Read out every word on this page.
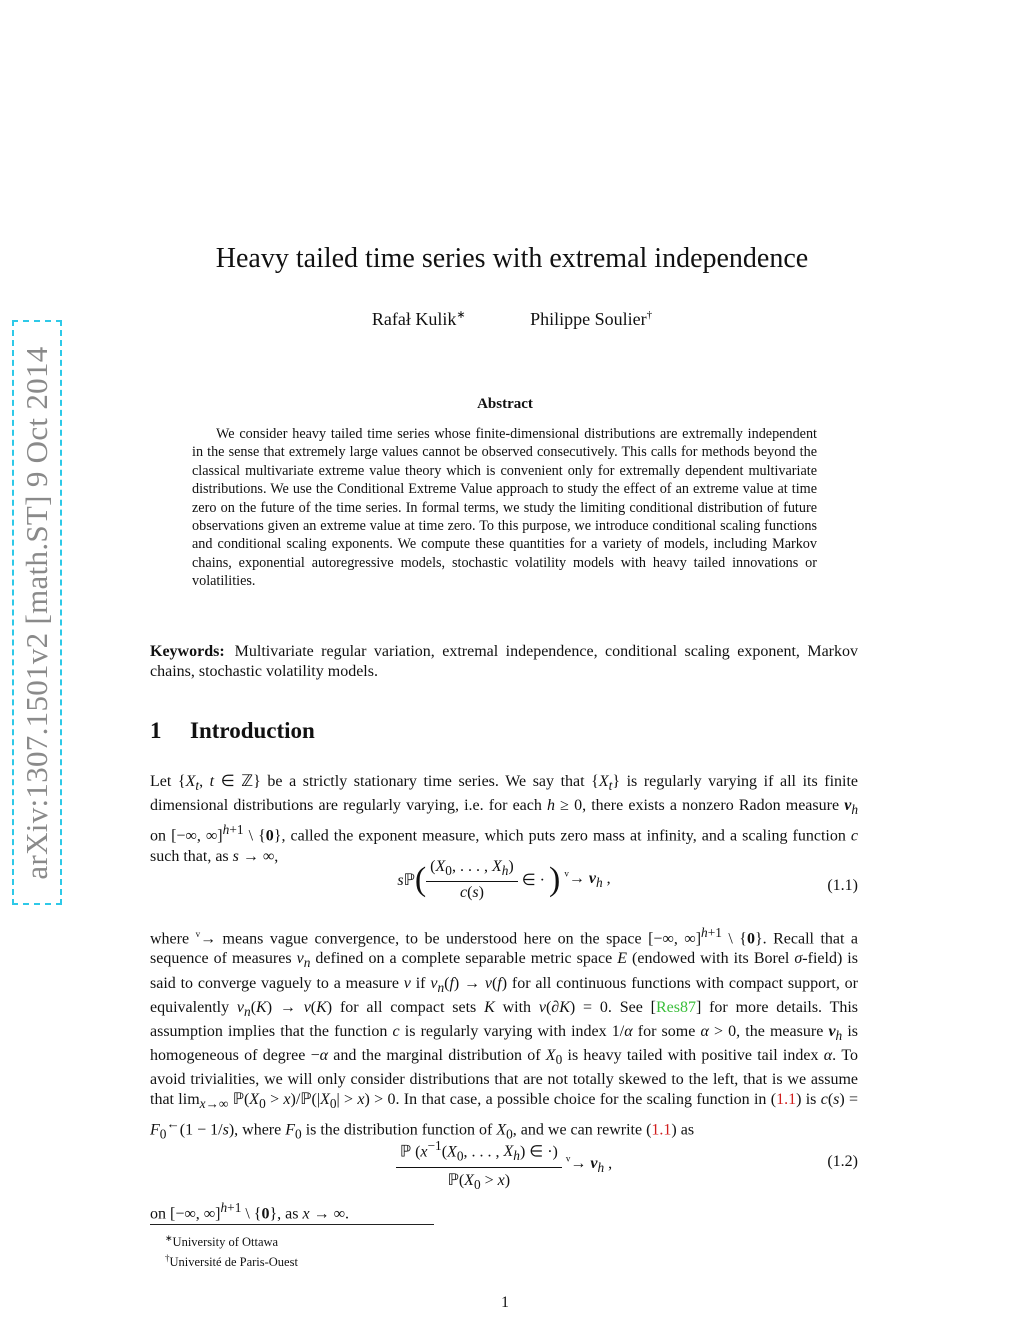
arXiv:1307.1501v2 [math.ST] 9 Oct 2014
Heavy tailed time series with extremal independence
Rafał Kulik∗	Philippe Soulier†
Abstract

We consider heavy tailed time series whose finite-dimensional distributions are extremally independent in the sense that extremely large values cannot be observed consecutively. This calls for methods beyond the classical multivariate extreme value theory which is convenient only for extremally dependent multivariate distributions. We use the Conditional Extreme Value approach to study the effect of an extreme value at time zero on the future of the time series. In formal terms, we study the limiting conditional distribution of future observations given an extreme value at time zero. To this purpose, we introduce conditional scaling functions and conditional scaling exponents. We compute these quantities for a variety of models, including Markov chains, exponential autoregressive models, stochastic volatility models with heavy tailed innovations or volatilities.

Keywords: Multivariate regular variation, extremal independence, conditional scaling exponent, Markov chains, stochastic volatility models.

1 Introduction

Let {$X_t$, t ∈ ℤ} be a strictly stationary time series. We say that $\{X_t\}$ is regularly varying if all its finite dimensional distributions are regularly varying, i.e. for each h ≥ 0, there exists a nonzero Radon measure $\nu_h$ on [−∞, ∞]$^{h+1}$ \ {0}, called the exponent measure, which puts zero mass at infinity, and a scaling function c such that, as s → ∞,

sℙ( $\frac{(X_0, . . . , X_h)}{c(s)}$ ∈ · ) $^v\to \nu_h$ ,	(1.1)

where $^v$→ means vague convergence, to be understood here on the space [−∞, ∞]$^{h+1}$ \ {0}. Recall that a sequence of measures $\nu_n$ defined on a complete separable metric space E (endowed with its Borel σ-field) is said to converge vaguely to a measure ν if $\nu_n(f) \to \nu(f)$ for all continuous functions with compact support, or equivalently $\nu_n(K) \to \nu(K)$ for all compact sets K with ν(∂K) = 0. See [Res87] for more details. This assumption implies that the function c is regularly varying with index 1/α for some α > 0, the measure $\nu_h$ is homogeneous of degree −α and the marginal distribution of $X_0$ is heavy tailed with positive tail index α. To avoid trivialities, we will only consider distributions that are not totally skewed to the left, that is we assume that $\lim_{x\to\infty}$ $ℙ(X_0$ > $x)/ℙ(|X_0| > x) > 0$. In that case, a possible choice for the scaling function in (1.1) is $c(s) = F_0^\leftarrow(1 - 1/s)$, where $F_0$ is the distribution function of $X_0$, and we can rewrite (1.1) as

$\frac{ℙ (x^{-1}(X_0, . . . , X_h) \in \cdot)}{ℙ(X_0 > x)} ^v\to \nu_h$ ,	(1.2)

on [−∞, ∞]$^{h+1}$ \ {0}, as x → ∞.

∗University of Ottawa
†Université de Paris-Ouest
1
